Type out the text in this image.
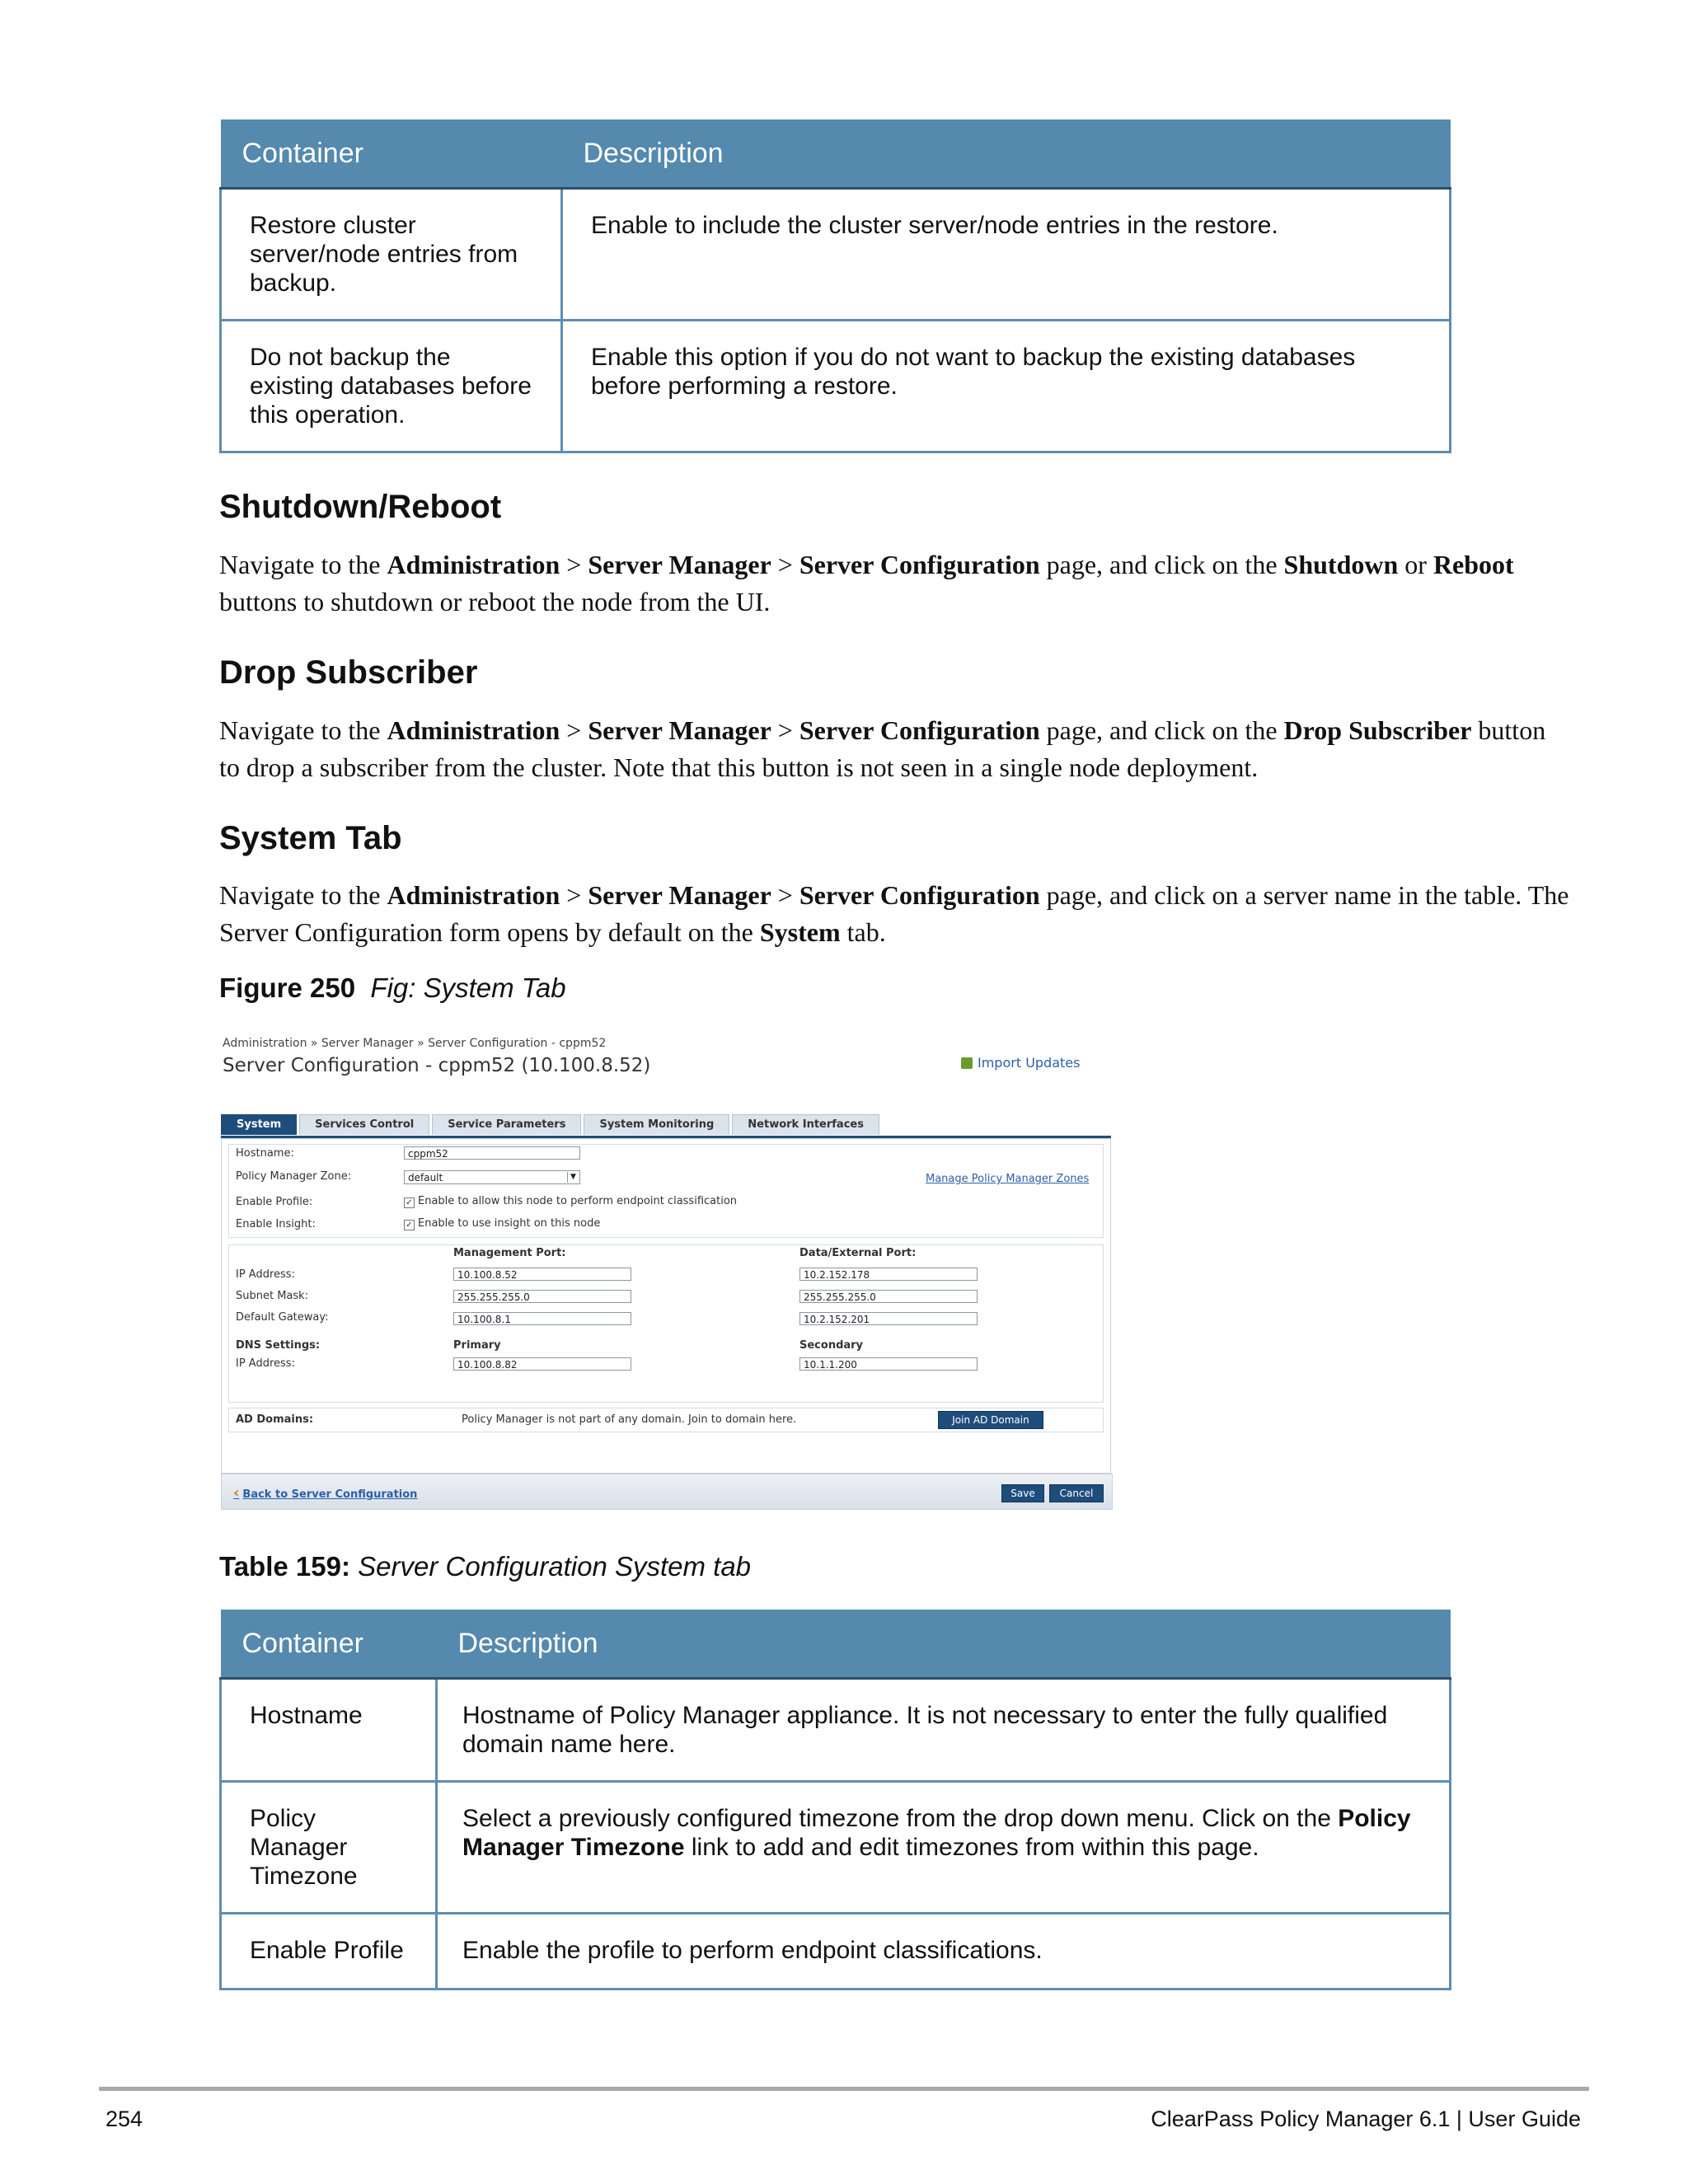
Container	Description
Restore cluster server/node entries from backup.	Enable to include the cluster server/node entries in the restore.
Do not backup the existing databases before this operation.	Enable this option if you do not want to backup the existing databases before performing a restore.
Shutdown/Reboot

Navigate to the Administration > Server Manager > Server Configuration page, and click on the Shutdown or Reboot buttons to shutdown or reboot the node from the UI.

Drop Subscriber

Navigate to the Administration > Server Manager > Server Configuration page, and click on the Drop Subscriber button to drop a subscriber from the cluster. Note that this button is not seen in a single node deployment.

System Tab

Navigate to the Administration > Server Manager > Server Configuration page, and click on a server name in the table. The Server Configuration form opens by default on the System tab.

Figure 250 Fig: System Tab
Administration » Server Manager » Server Configuration - cppm52
Server Configuration - cppm52 (10.100.8.52)	Import Updates
System	Services Control	Service Parameters	System Monitoring	Network Interfaces
Hostname:	cppm52
Policy Manager Zone:	default	▼	Manage Policy Manager Zones
Enable Profile:	✓ Enable to allow this node to perform endpoint classification
Enable Insight:	✓ Enable to use insight on this node
Management Port:	Data/External Port:
IP Address:	10.100.8.52	10.2.152.178
Subnet Mask:	255.255.255.0	255.255.255.0
Default Gateway:	10.100.8.1	10.2.152.201
DNS Settings:	Primary	Secondary
IP Address:	10.100.8.82	10.1.1.200
AD Domains:	Policy Manager is not part of any domain. Join to domain here.	Join AD Domain
‹ Back to Server Configuration	Save	Cancel
Table 159: Server Configuration System tab
Container	Description
Hostname	Hostname of Policy Manager appliance. It is not necessary to enter the fully qualified domain name here.
Policy Manager Timezone	Select a previously configured timezone from the drop down menu. Click on the Policy Manager Timezone link to add and edit timezones from within this page.
Enable Profile	Enable the profile to perform endpoint classifications.
254	ClearPass Policy Manager 6.1 | User Guide
